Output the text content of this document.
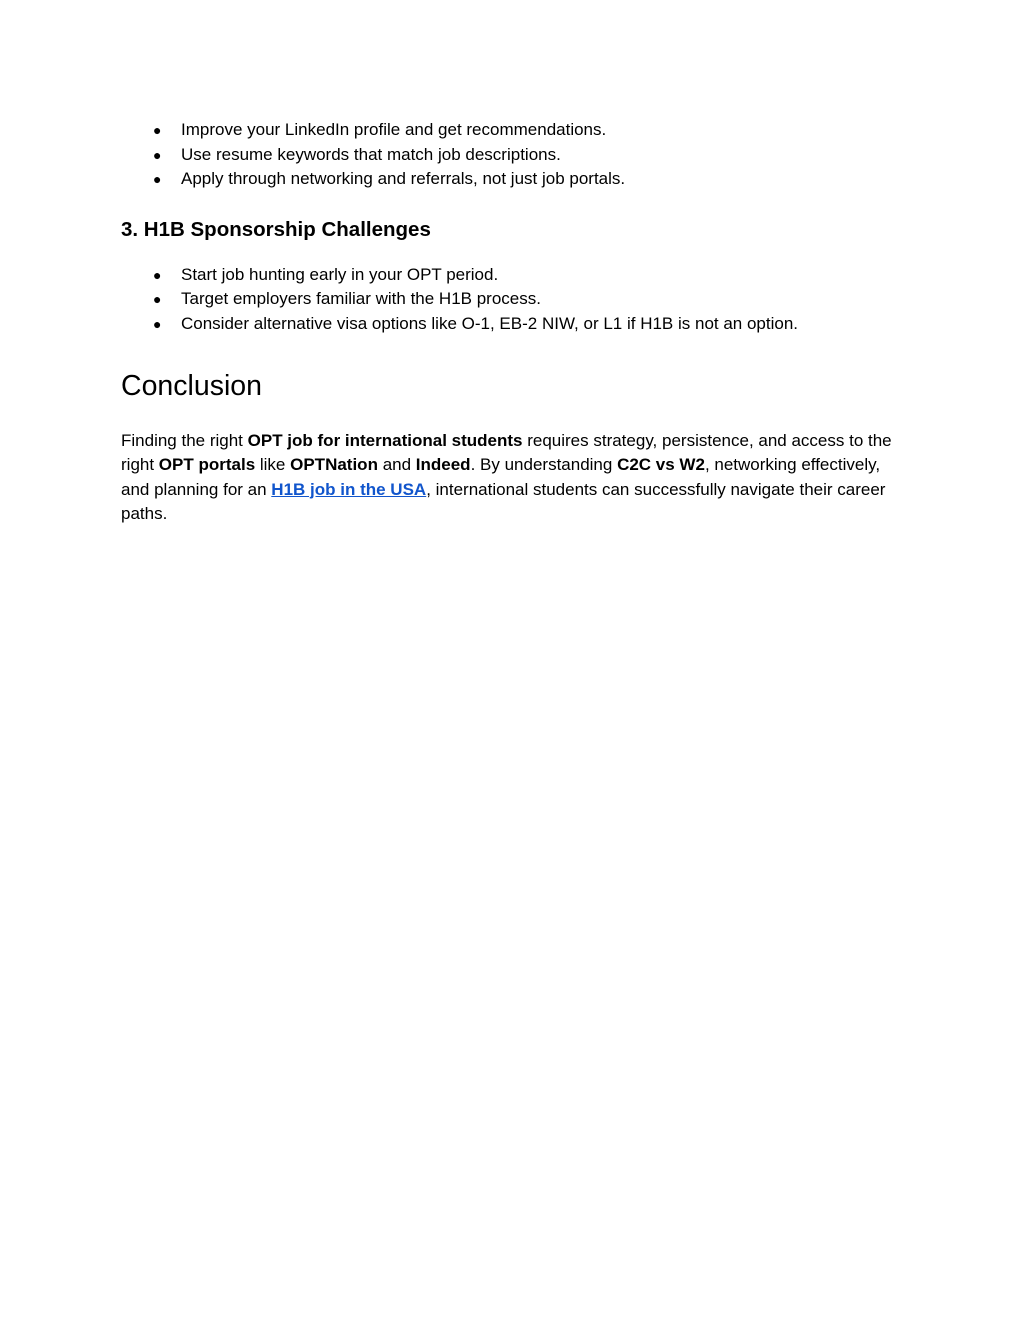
● Improve your LinkedIn profile and get recommendations.
● Use resume keywords that match job descriptions.
● Apply through networking and referrals, not just job portals.
3. H1B Sponsorship Challenges
● Start job hunting early in your OPT period.
● Target employers familiar with the H1B process.
● Consider alternative visa options like O-1, EB-2 NIW, or L1 if H1B is not an option.
Conclusion

Finding the right OPT job for international students requires strategy, persistence, and access to the right OPT portals like OPTNation and Indeed. By understanding C2C vs W2, networking effectively, and planning for an H1B job in the USA, international students can successfully navigate their career paths.
